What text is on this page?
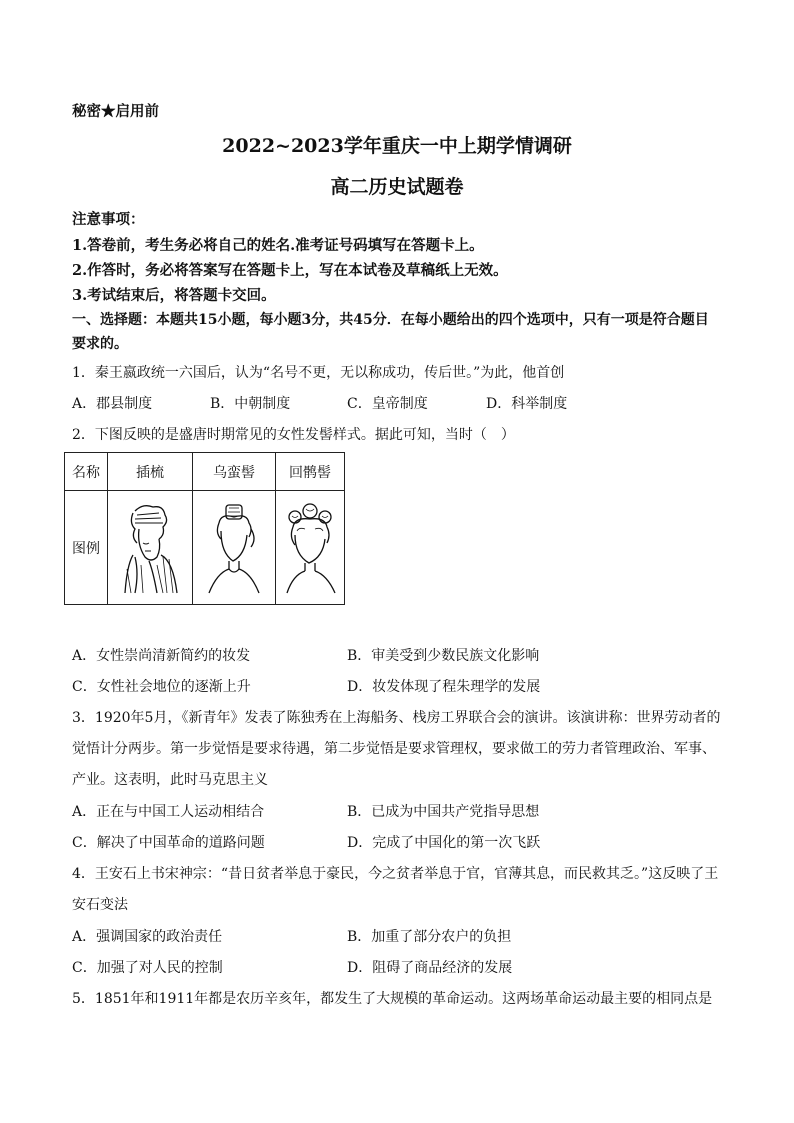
秘密★启用前
2022~2023学年重庆一中上期学情调研
高二历史试题卷
注意事项：
1.答卷前，考生务必将自己的姓名.准考证号码填写在答题卡上。
2.作答时，务必将答案写在答题卡上，写在本试卷及草稿纸上无效。
3.考试结束后，将答题卡交回。
一、选择题：本题共15小题，每小题3分，共45分．在每小题给出的四个选项中，只有一项是符合题目
要求的。
1．秦王嬴政统一六国后，认为“名号不更，无以称成功，传后世。”为此，他首创
A．郡县制度	B．中朝制度	C．皇帝制度	D．科举制度
2．下图反映的是盛唐时期常见的女性发髻样式。据此可知，当时（　）
名称	插梳	乌蛮髻	回鹘髻
图例	

A．女性崇尚清新简约的妆发	B．审美受到少数民族文化影响
C．女性社会地位的逐渐上升	D．妆发体现了程朱理学的发展
3．1920年5月，《新青年》发表了陈独秀在上海船务、栈房工界联合会的演讲。该演讲称：世界劳动者的
觉悟计分两步。第一步觉悟是要求待遇，第二步觉悟是要求管理权，要求做工的劳力者管理政治、军事、
产业。这表明，此时马克思主义
A．正在与中国工人运动相结合	B．已成为中国共产党指导思想
C．解决了中国革命的道路问题	D．完成了中国化的第一次飞跃
4．王安石上书宋神宗：“昔日贫者举息于豪民，今之贫者举息于官，官薄其息，而民救其乏。”这反映了王
安石变法
A．强调国家的政治责任	B．加重了部分农户的负担
C．加强了对人民的控制	D．阻碍了商品经济的发展
5．1851年和1911年都是农历辛亥年，都发生了大规模的革命运动。这两场革命运动最主要的相同点是
